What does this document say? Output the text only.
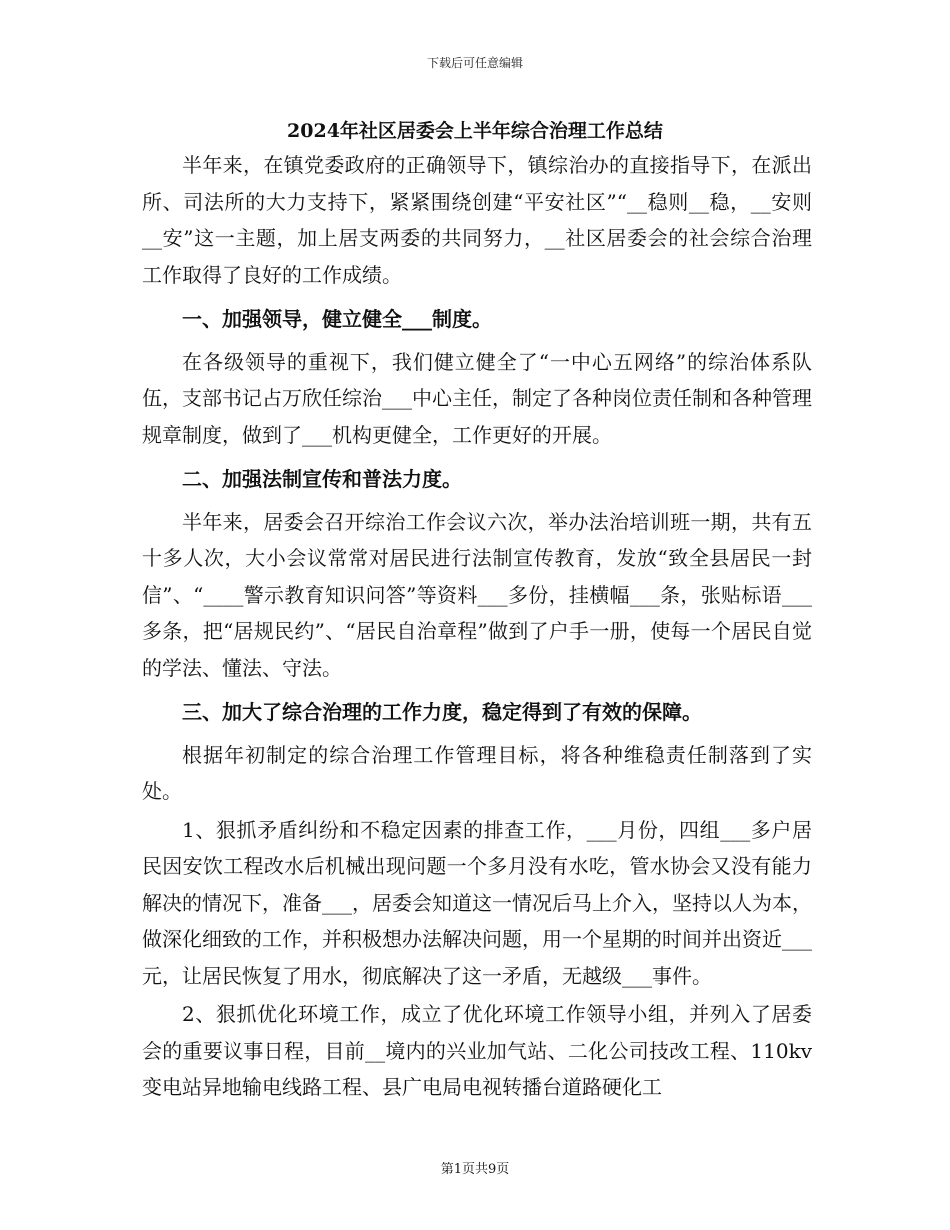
下载后可任意编辑
2024年社区居委会上半年综合治理工作总结

半年来，在镇党委政府的正确领导下，镇综治办的直接指导下，在派出所、司法所的大力支持下，紧紧围绕创建“平安社区”“__稳则__稳，__安则__安”这一主题，加上居支两委的共同努力，__社区居委会的社会综合治理工作取得了良好的工作成绩。

一、加强领导，健立健全___制度。

在各级领导的重视下，我们健立健全了“一中心五网络”的综治体系队伍，支部书记占万欣任综治___中心主任，制定了各种岗位责任制和各种管理规章制度，做到了___机构更健全，工作更好的开展。

二、加强法制宣传和普法力度。

半年来，居委会召开综治工作会议六次，举办法治培训班一期，共有五十多人次，大小会议常常对居民进行法制宣传教育，发放“致全县居民一封信”、“____警示教育知识问答”等资料___多份，挂横幅___条，张贴标语___多条，把“居规民约”、“居民自治章程”做到了户手一册，使每一个居民自觉的学法、懂法、守法。

三、加大了综合治理的工作力度，稳定得到了有效的保障。

根据年初制定的综合治理工作管理目标，将各种维稳责任制落到了实处。

1、狠抓矛盾纠纷和不稳定因素的排查工作，___月份，四组___多户居民因安饮工程改水后机械出现问题一个多月没有水吃，管水协会又没有能力解决的情况下，准备___，居委会知道这一情况后马上介入，坚持以人为本，做深化细致的工作，并积极想办法解决问题，用一个星期的时间并出资近___元，让居民恢复了用水，彻底解决了这一矛盾，无越级___事件。

2、狠抓优化环境工作，成立了优化环境工作领导小组，并列入了居委会的重要议事日程，目前__境内的兴业加气站、二化公司技改工程、110kv变电站异地输电线路工程、县广电局电视转播台道路硬化工

第1页共9页
